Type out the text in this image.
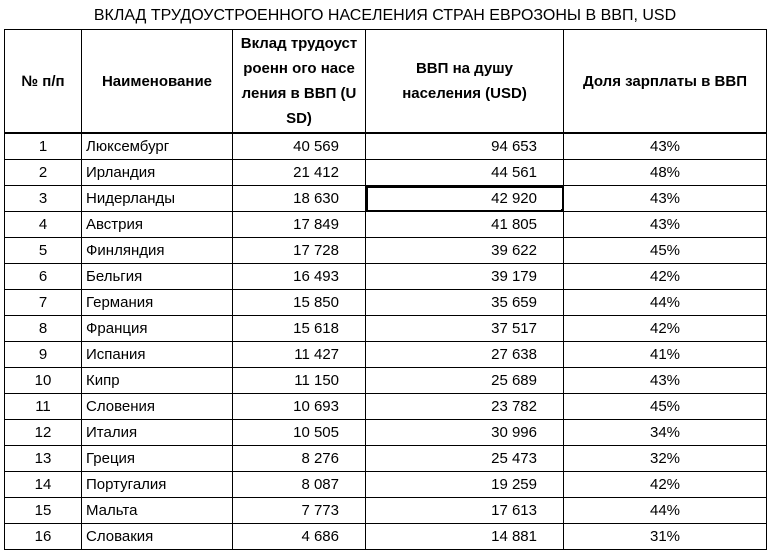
ВКЛАД ТРУДОУСТРОЕННОГО НАСЕЛЕНИЯ СТРАН ЕВРОЗОНЫ В ВВП, USD
№ п/п	Наименование	Вклад трудоустроенн ого населения в ВВП (USD)	ВВП на душу населения (USD)	Доля зарплаты в ВВП
1	Люксембург	40 569	94 653	43%
2	Ирландия	21 412	44 561	48%
3	Нидерланды	18 630	42 920	43%
4	Австрия	17 849	41 805	43%
5	Финляндия	17 728	39 622	45%
6	Бельгия	16 493	39 179	42%
7	Германия	15 850	35 659	44%
8	Франция	15 618	37 517	42%
9	Испания	11 427	27 638	41%
10	Кипр	11 150	25 689	43%
11	Словения	10 693	23 782	45%
12	Италия	10 505	30 996	34%
13	Греция	8 276	25 473	32%
14	Португалия	8 087	19 259	42%
15	Мальта	7 773	17 613	44%
16	Словакия	4 686	14 881	31%
